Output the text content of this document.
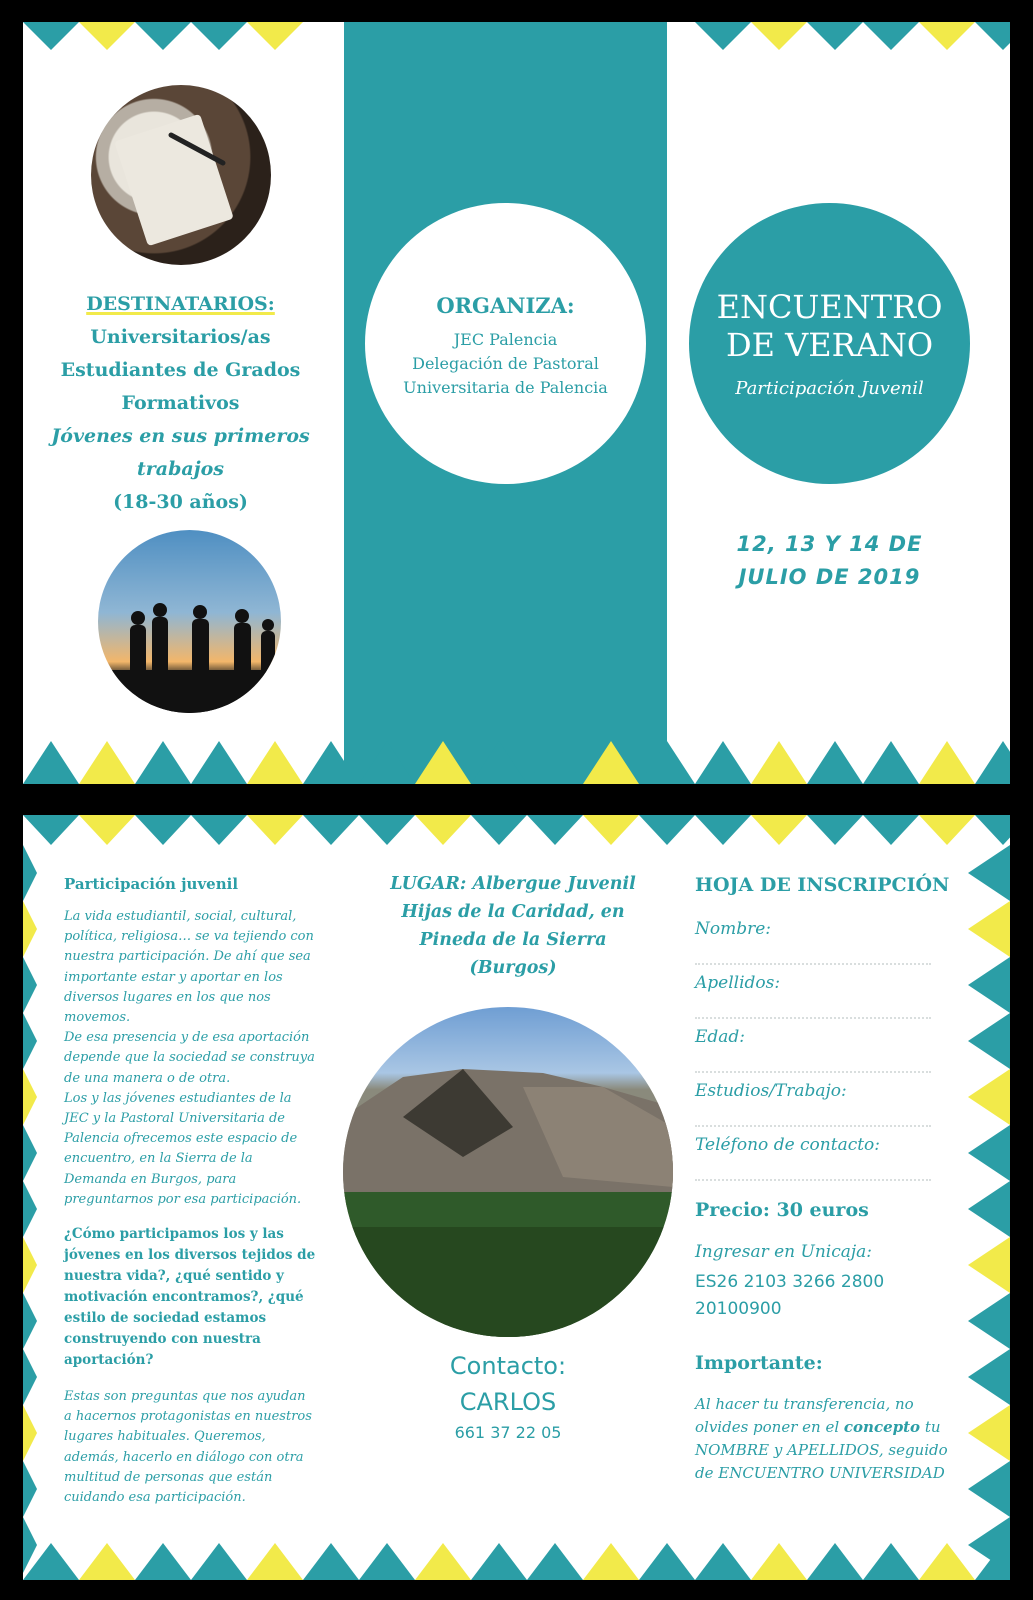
DESTINATARIOS:
Universitarios/as
Estudiantes de Grados
Formativos
Jóvenes en sus primeros
trabajos
(18-30 años)
ORGANIZA:
JEC Palencia
Delegación de Pastoral
Universitaria de Palencia
ENCUENTRO
DE VERANO
Participación Juvenil
12, 13 Y 14 DE
JULIO DE 2019
Participación juvenil
La vida estudiantil, social, cultural,
política, religiosa… se va tejiendo con
nuestra participación. De ahí que sea
importante estar y aportar en los
diversos lugares en los que nos
movemos.
De esa presencia y de esa aportación
depende que la sociedad se construya
de una manera o de otra.
Los y las jóvenes estudiantes de la
JEC y la Pastoral Universitaria de
Palencia ofrecemos este espacio de
encuentro, en la Sierra de la
Demanda en Burgos, para
preguntarnos por esa participación.
¿Cómo participamos los y las
jóvenes en los diversos tejidos de
nuestra vida?, ¿qué sentido y
motivación encontramos?, ¿qué
estilo de sociedad estamos
construyendo con nuestra
aportación?
Estas son preguntas que nos ayudan
a hacernos protagonistas en nuestros
lugares habituales. Queremos,
además, hacerlo en diálogo con otra
multitud de personas que están
cuidando esa participación.
LUGAR: Albergue Juvenil
Hijas de la Caridad, en
Pineda de la Sierra
(Burgos)
Contacto:
CARLOS
661 37 22 05
HOJA DE INSCRIPCIÓN
Precio: 30 euros
Ingresar en Unicaja:
ES26 2103 3266 2800
20100900
Importante:
Al hacer tu transferencia, no olvides poner en el concepto tu NOMBRE y APELLIDOS, seguido de ENCUENTRO UNIVERSIDAD
Nombre:
Apellidos:
Edad:
Estudios/Trabajo:
Teléfono de contacto:
